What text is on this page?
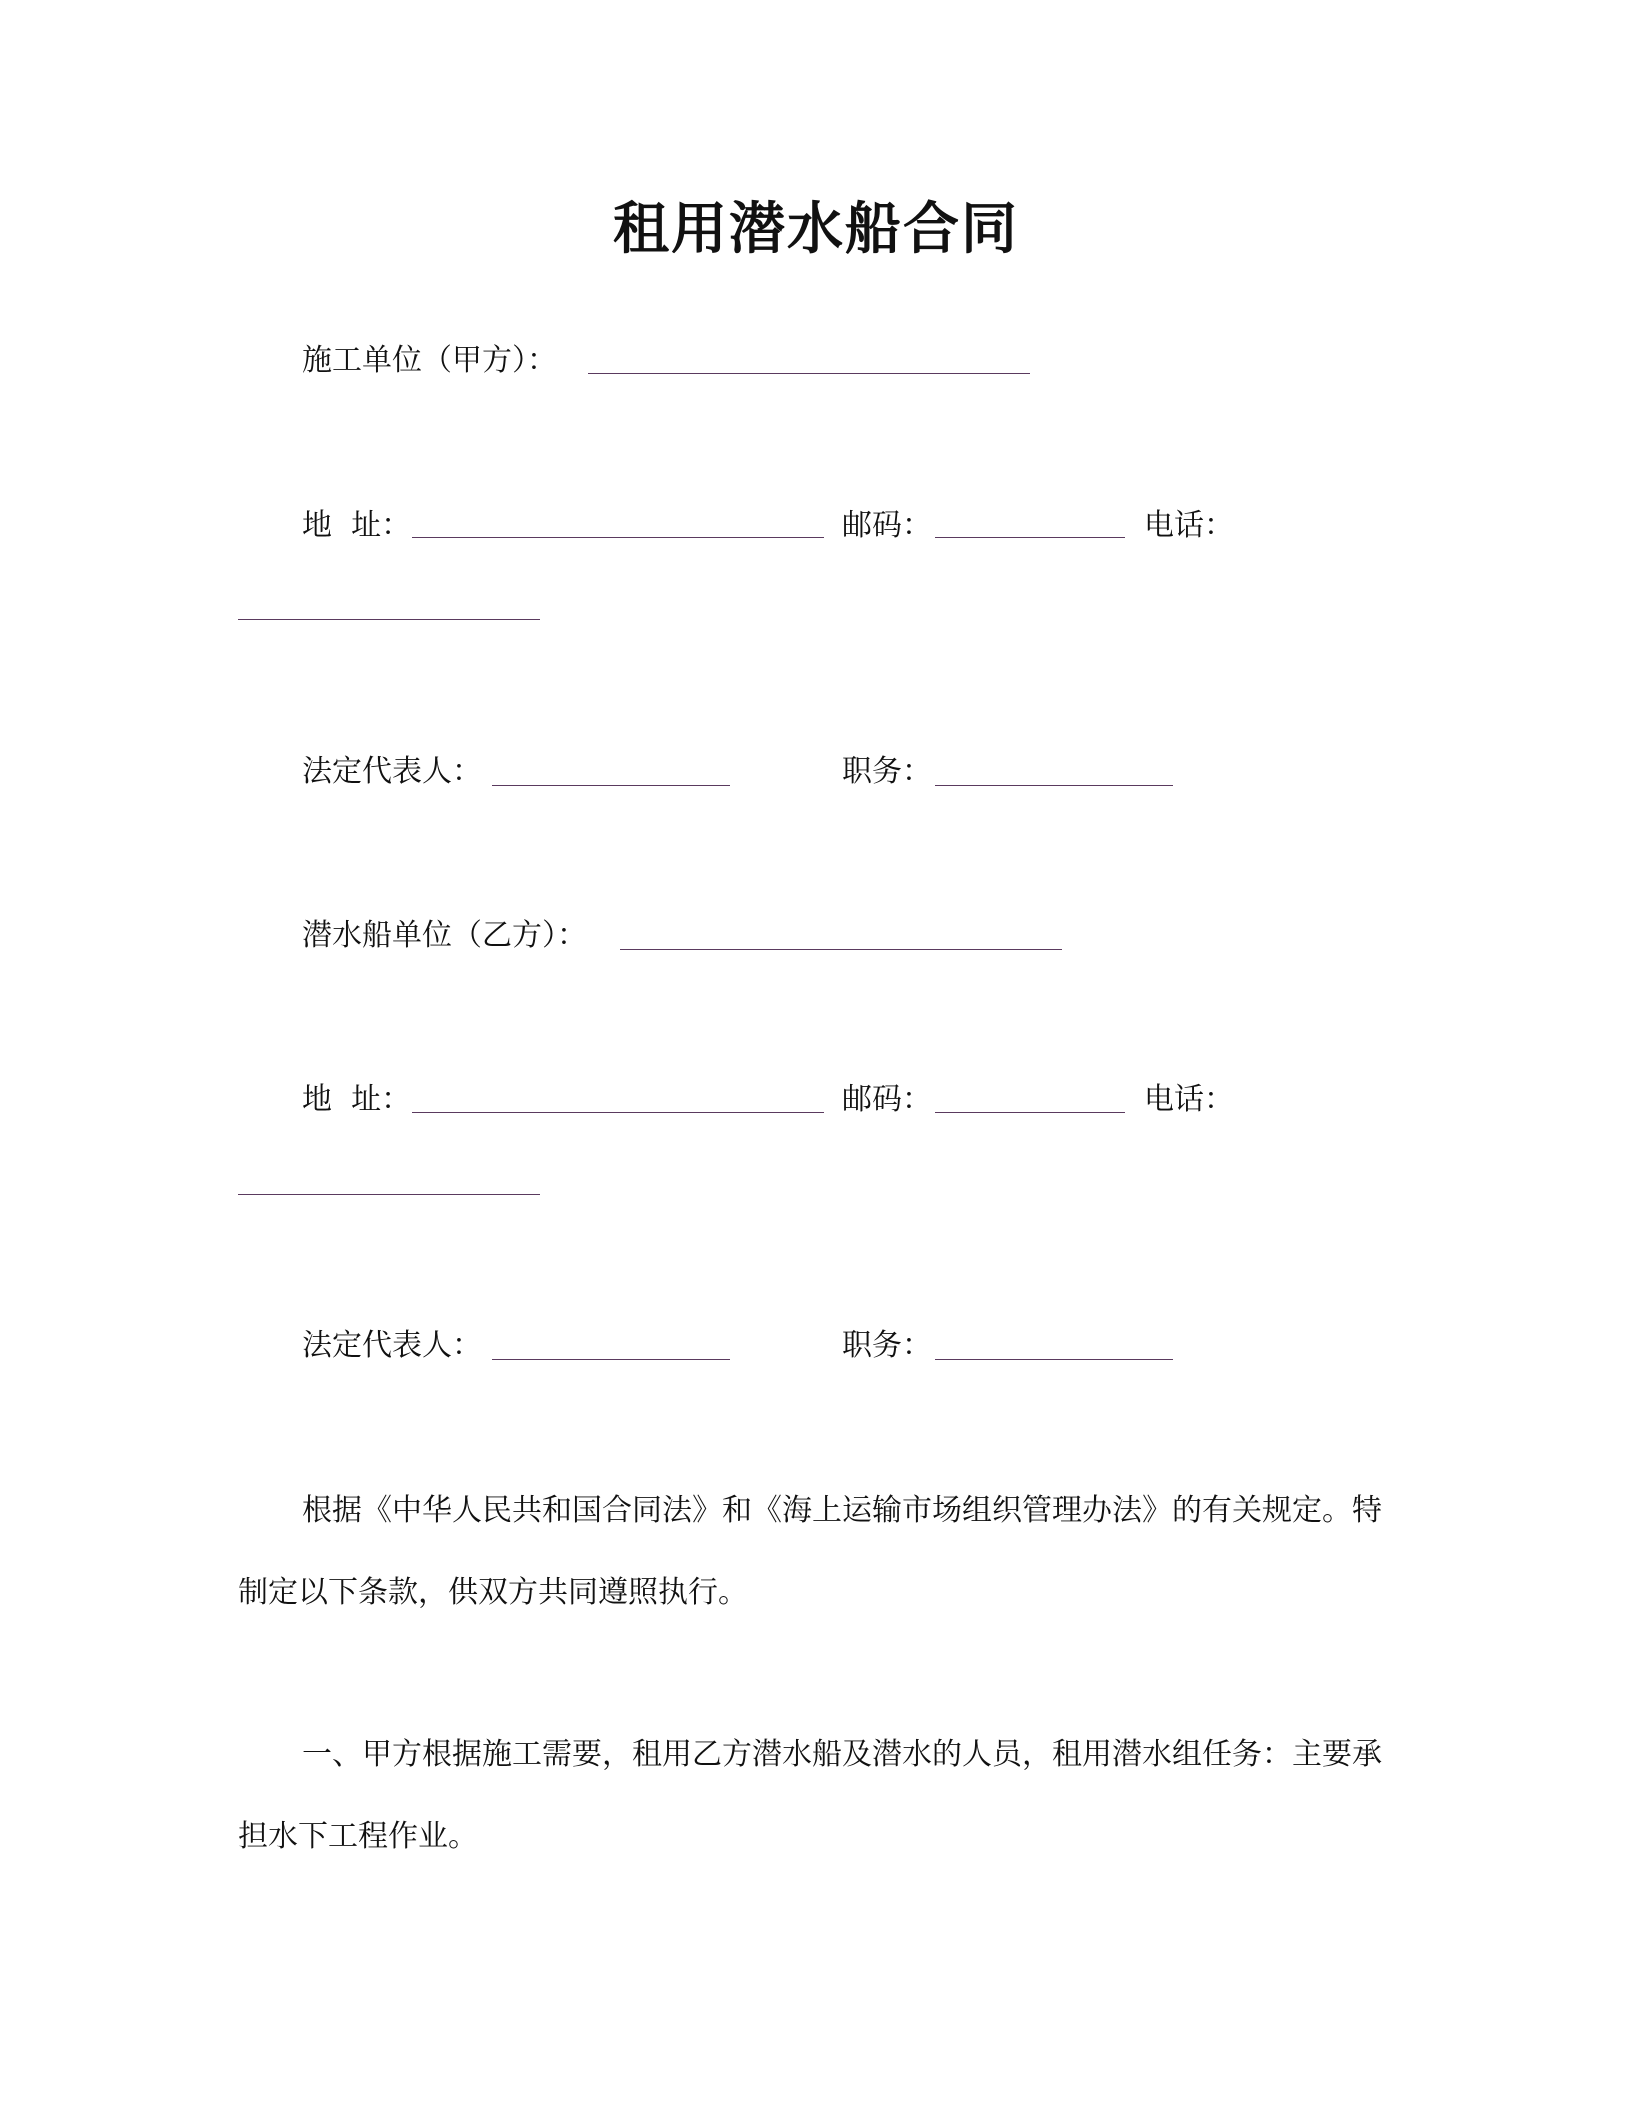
租用潜水船合同
施工单位（甲方）：
地  址：	邮码：	电话：
法定代表人：	职务：
潜水船单位（乙方）：
地  址：	邮码：	电话：
法定代表人：	职务：

根据《中华人民共和国合同法》和《海上运输市场组织管理办法》的有关规定。特制定以下条款，供双方共同遵照执行。

一、甲方根据施工需要，租用乙方潜水船及潜水的人员，租用潜水组任务：主要承担水下工程作业。
